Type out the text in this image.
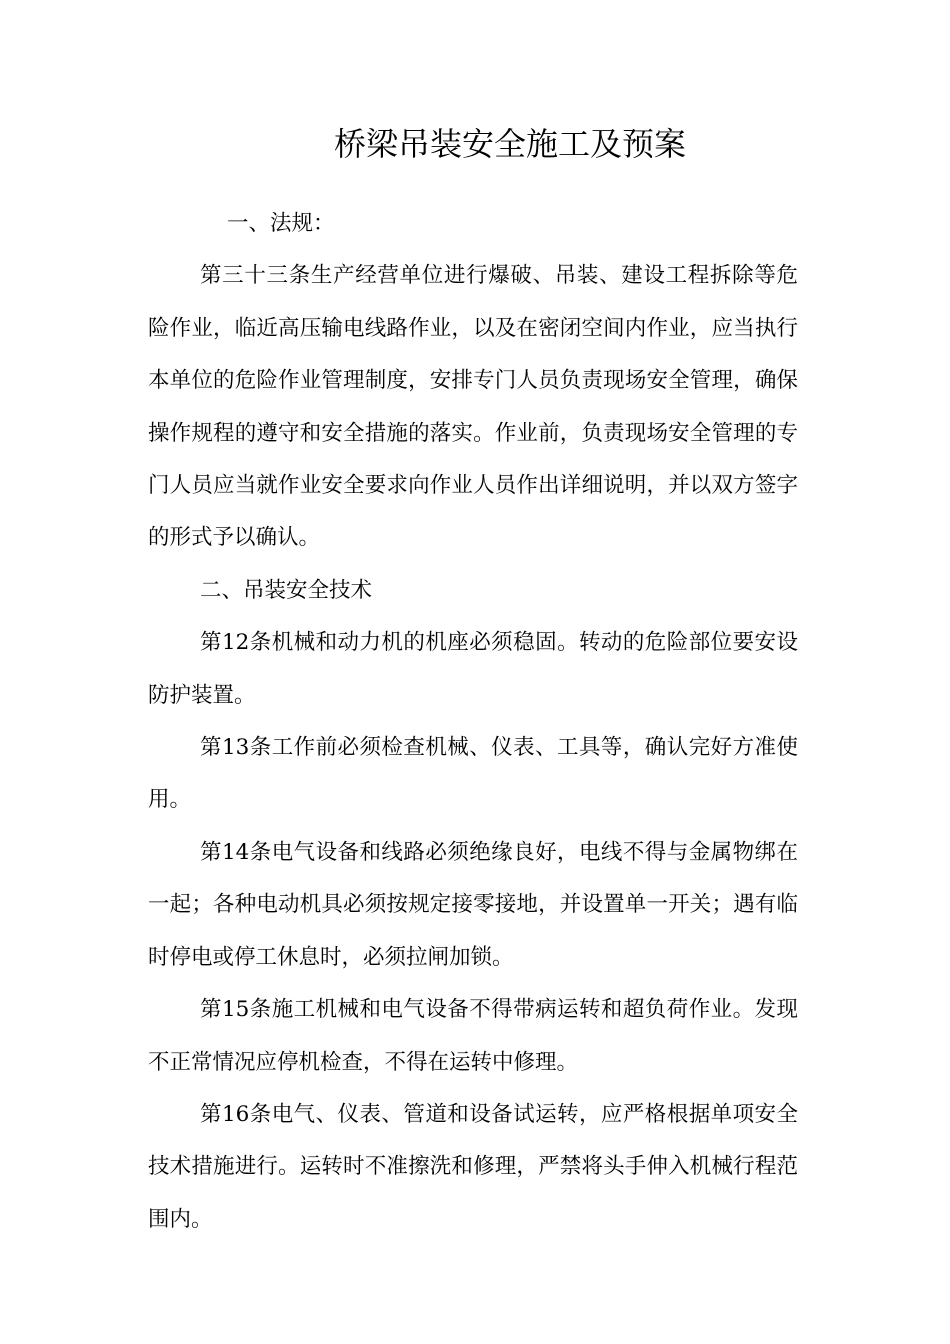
桥梁吊装安全施工及预案

一、法规：

第三十三条生产经营单位进行爆破、吊装、建设工程拆除等危险作业，临近高压输电线路作业，以及在密闭空间内作业，应当执行本单位的危险作业管理制度，安排专门人员负责现场安全管理，确保操作规程的遵守和安全措施的落实。作业前，负责现场安全管理的专门人员应当就作业安全要求向作业人员作出详细说明，并以双方签字的形式予以确认。

二、吊装安全技术

第12条机械和动力机的机座必须稳固。转动的危险部位要安设防护装置。

第13条工作前必须检查机械、仪表、工具等，确认完好方准使用。

第14条电气设备和线路必须绝缘良好，电线不得与金属物绑在一起；各种电动机具必须按规定接零接地，并设置单一开关；遇有临时停电或停工休息时，必须拉闸加锁。

第15条施工机械和电气设备不得带病运转和超负荷作业。发现不正常情况应停机检查，不得在运转中修理。

第16条电气、仪表、管道和设备试运转，应严格根据单项安全技术措施进行。运转时不准擦洗和修理，严禁将头手伸入机械行程范围内。
